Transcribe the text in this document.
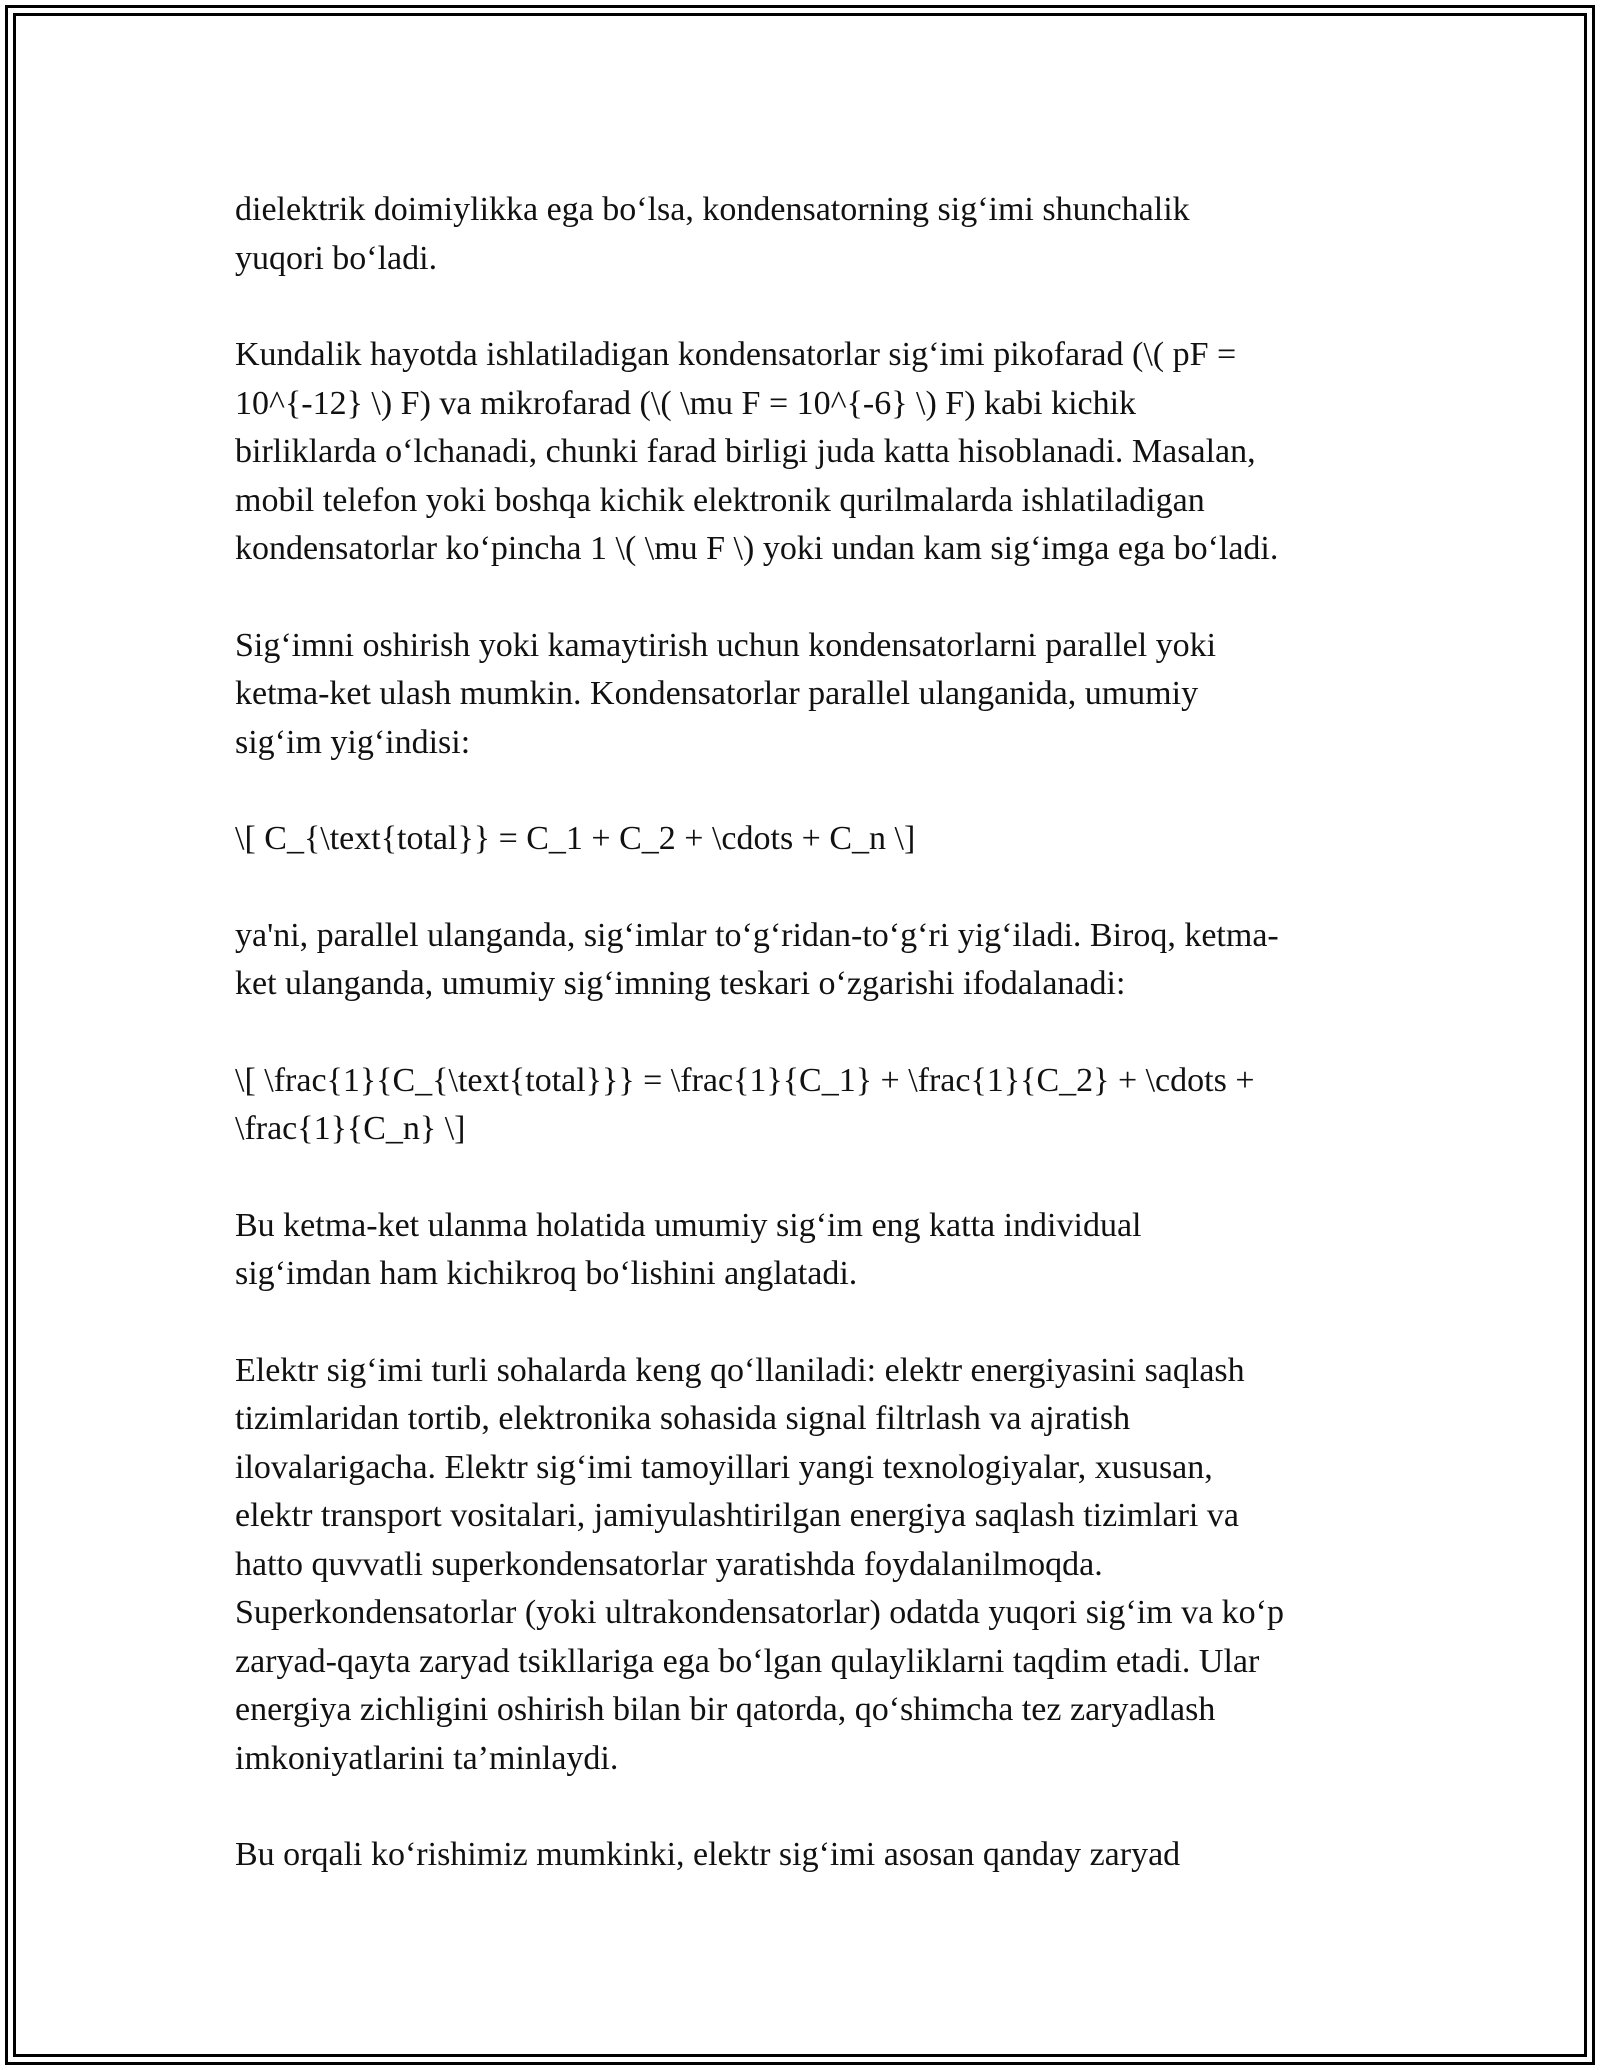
dielektrik doimiylikka ega bo‘lsa, kondensatorning sig‘imi shunchalik
yuqori bo‘ladi.

Kundalik hayotda ishlatiladigan kondensatorlar sig‘imi pikofarad (\( pF =
10^{-12} \) F) va mikrofarad (\( \mu F = 10^{-6} \) F) kabi kichik
birliklarda o‘lchanadi, chunki farad birligi juda katta hisoblanadi. Masalan,
mobil telefon yoki boshqa kichik elektronik qurilmalarda ishlatiladigan
kondensatorlar ko‘pincha 1 \( \mu F \) yoki undan kam sig‘imga ega bo‘ladi.

Sig‘imni oshirish yoki kamaytirish uchun kondensatorlarni parallel yoki
ketma-ket ulash mumkin. Kondensatorlar parallel ulanganida, umumiy
sig‘im yig‘indisi:

\[ C_{\text{total}} = C_1 + C_2 + \cdots + C_n \]

ya'ni, parallel ulanganda, sig‘imlar to‘g‘ridan-to‘g‘ri yig‘iladi. Biroq, ketma-
ket ulanganda, umumiy sig‘imning teskari o‘zgarishi ifodalanadi:

\[ \frac{1}{C_{\text{total}}} = \frac{1}{C_1} + \frac{1}{C_2} + \cdots +
\frac{1}{C_n} \]

Bu ketma-ket ulanma holatida umumiy sig‘im eng katta individual
sig‘imdan ham kichikroq bo‘lishini anglatadi.

Elektr sig‘imi turli sohalarda keng qo‘llaniladi: elektr energiyasini saqlash
tizimlaridan tortib, elektronika sohasida signal filtrlash va ajratish
ilovalarigacha. Elektr sig‘imi tamoyillari yangi texnologiyalar, xususan,
elektr transport vositalari, jamiyulashtirilgan energiya saqlash tizimlari va
hatto quvvatli superkondensatorlar yaratishda foydalanilmoqda.
Superkondensatorlar (yoki ultrakondensatorlar) odatda yuqori sig‘im va ko‘p
zaryad-qayta zaryad tsikllariga ega bo‘lgan qulayliklarni taqdim etadi. Ular
energiya zichligini oshirish bilan bir qatorda, qo‘shimcha tez zaryadlash
imkoniyatlarini ta’minlaydi.

Bu orqali ko‘rishimiz mumkinki, elektr sig‘imi asosan qanday zaryad
